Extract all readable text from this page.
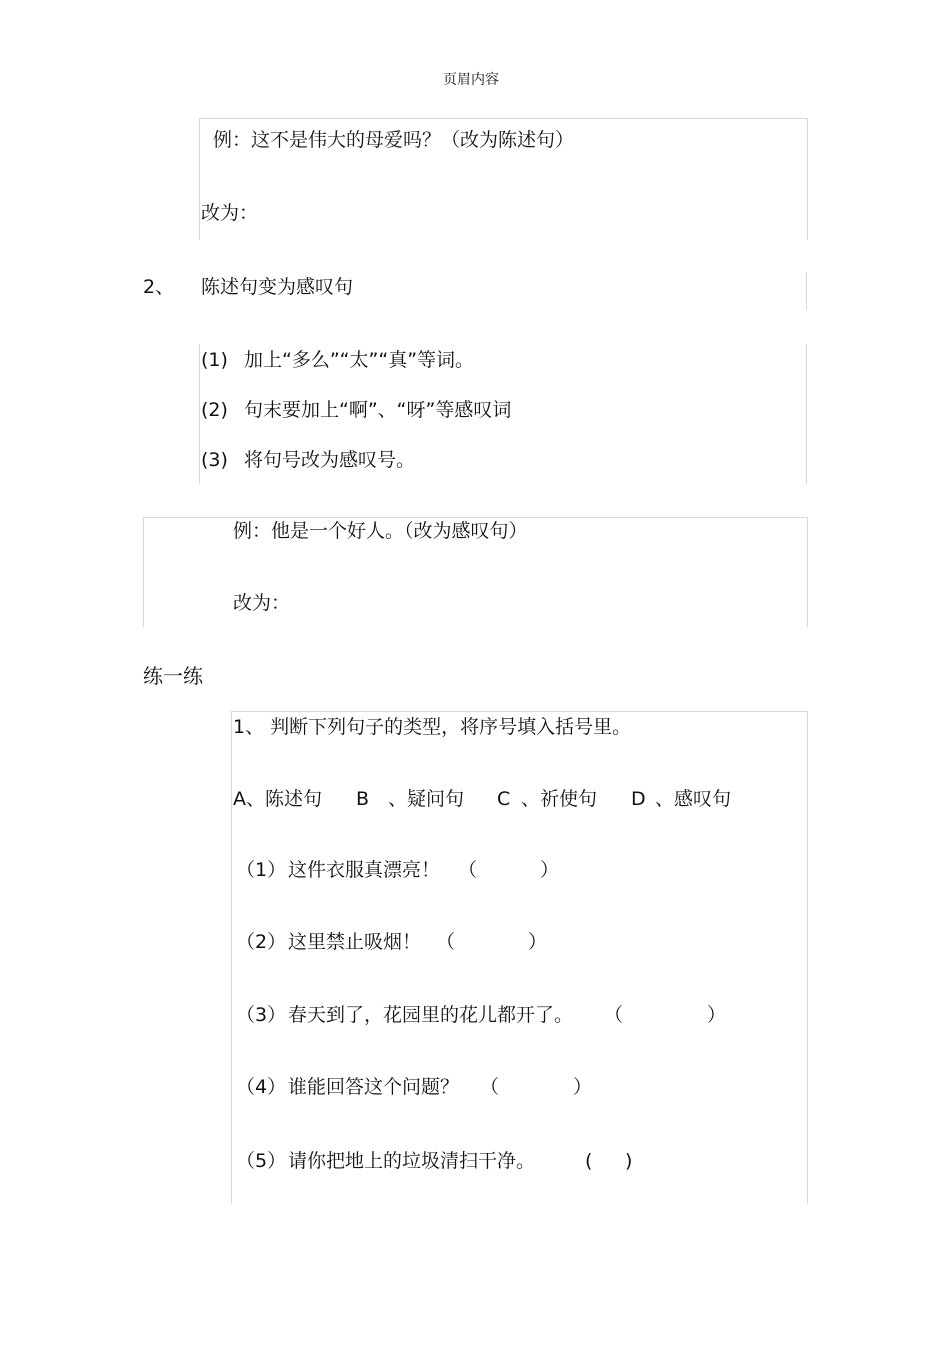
页眉内容
例：这不是伟大的母爱吗？（改为陈述句）
改为：
2、 陈述句变为感叹句
(1) 加上“多么”“太”“真”等词。
(2) 句末要加上“啊”、“呀”等感叹词
(3) 将句号改为感叹号。
例：他是一个好人。（改为感叹句）
改为：
练一练
1、 判断下列句子的类型，将序号填入括号里。
A 、陈述句 B 、疑问句 C 、祈使句 D 、感叹句
（1） 这件衣服真漂亮！ （	）
（2） 这里禁止吸烟！ （	）
（3） 春天到了，花园里的花儿都开了。 （	）
（4） 谁能回答这个问题？ （	）
（5） 请你把地上的垃圾清扫干净。	( )
